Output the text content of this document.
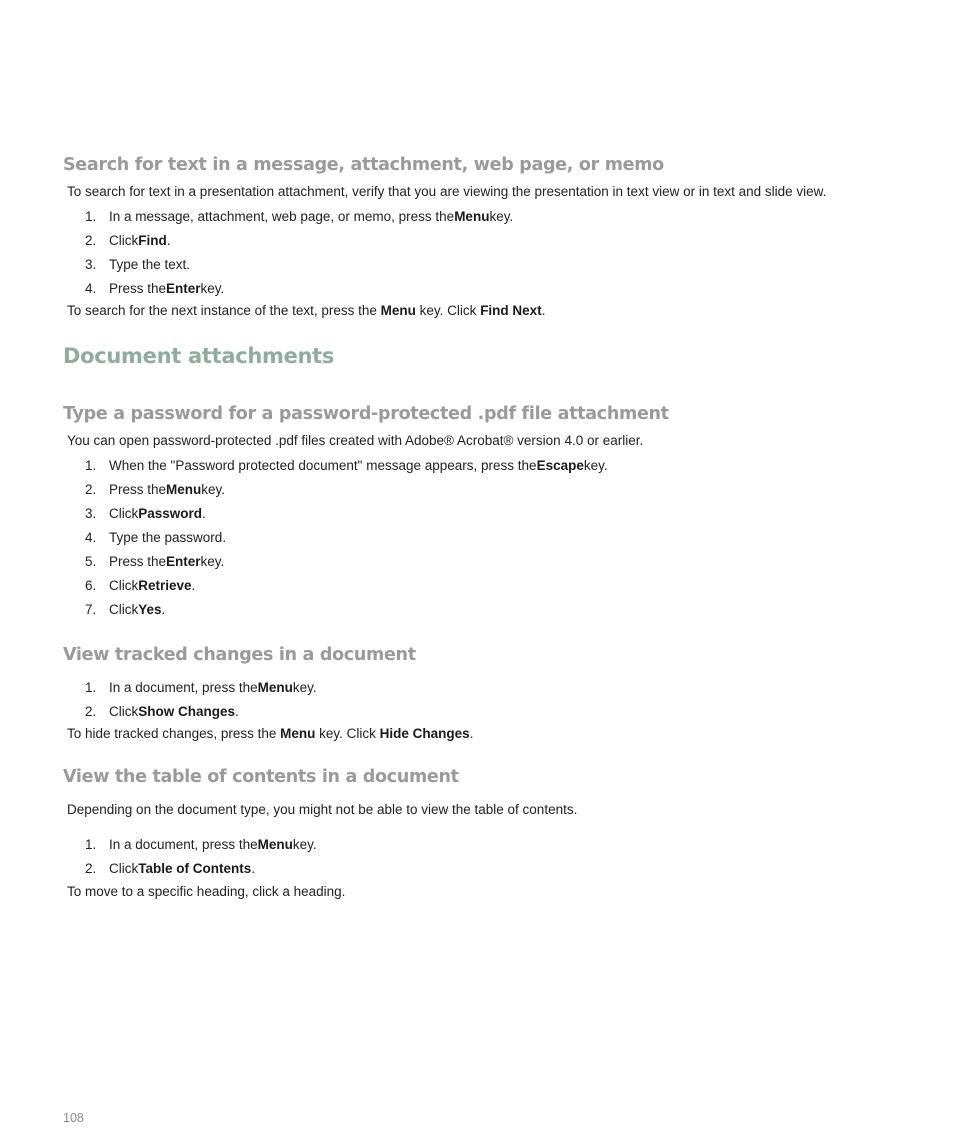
Search for text in a message, attachment, web page, or memo

To search for text in a presentation attachment, verify that you are viewing the presentation in text view or in text and slide view.

1. In a message, attachment, web page, or memo, press the Menu key.
2. Click Find .
3. Type the text.
4. Press the Enter key.

To search for the next instance of the text, press the Menu key. Click Find Next.

Document attachments
Type a password for a password-protected .pdf file attachment

You can open password-protected .pdf files created with Adobe® Acrobat® version 4.0 or earlier.

1. When the "Password protected document" message appears, press the Escape key.
2. Press the Menu key.
3. Click Password .
4. Type the password.
5. Press the Enter key.
6. Click Retrieve .
7. Click Yes .
View tracked changes in a document
1. In a document, press the Menu key.
2. Click Show Changes .

To hide tracked changes, press the Menu key. Click Hide Changes.

View the table of contents in a document

Depending on the document type, you might not be able to view the table of contents.

1. In a document, press the Menu key.
2. Click Table of Contents .

To move to a specific heading, click a heading.

108
